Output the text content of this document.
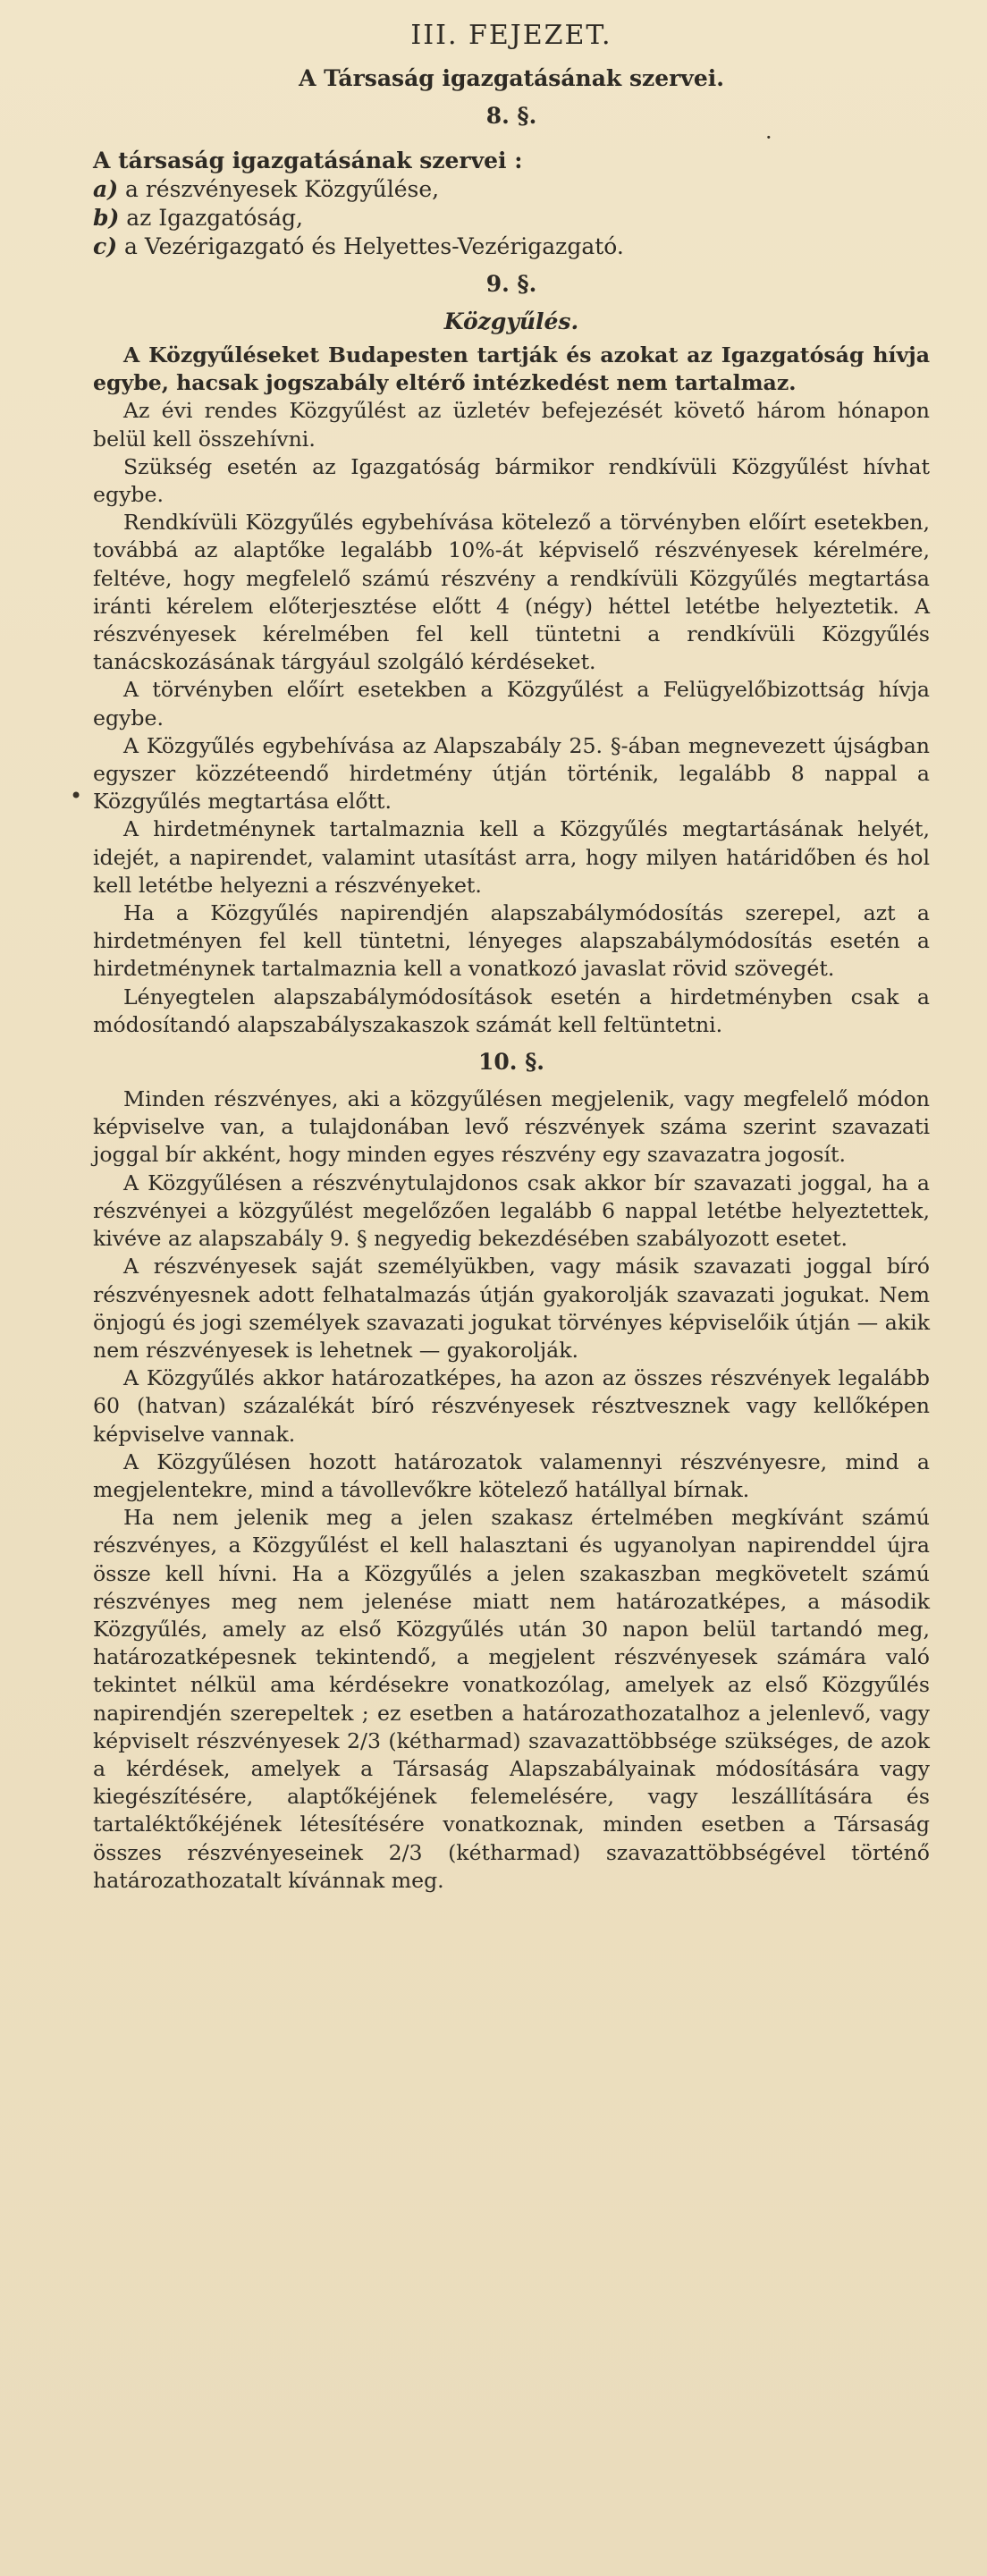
III. FEJEZET.
A Társaság igazgatásának szervei.
8. §.
A társaság igazgatásának szervei :
a) a részvényesek Közgyűlése,
b) az Igazgatóság,
c) a Vezérigazgató és Helyettes-Vezérigazgató.
9. §.
Közgyűlés.

A Közgyűléseket Budapesten tartják és azokat az Igazgatóság hívja egybe, hacsak jogszabály eltérő intézkedést nem tartalmaz.

Az évi rendes Közgyűlést az üzletév befejezését követő három hónapon belül kell összehívni.

Szükség esetén az Igazgatóság bármikor rendkívüli Közgyűlést hívhat egybe.

Rendkívüli Közgyűlés egybehívása kötelező a törvényben előírt esetekben, továbbá az alaptőke legalább 10%-át képviselő részvényesek kérelmére, feltéve, hogy megfelelő számú részvény a rendkívüli Közgyűlés megtartása iránti kérelem előterjesztése előtt 4 (négy) héttel letétbe helyeztetik. A részvényesek kérelmében fel kell tüntetni a rendkívüli Közgyűlés tanácskozásának tárgyául szolgáló kérdéseket.

A törvényben előírt esetekben a Közgyűlést a Felügyelőbizottság hívja egybe.

A Közgyűlés egybehívása az Alapszabály 25. §-ában megnevezett újságban egyszer közzéteendő hirdetmény útján történik, legalább 8 nappal a Közgyűlés megtartása előtt.

A hirdetménynek tartalmaznia kell a Közgyűlés megtartásának helyét, idejét, a napirendet, valamint utasítást arra, hogy milyen határidőben és hol kell letétbe helyezni a részvényeket.

Ha a Közgyűlés napirendjén alapszabálymódosítás szerepel, azt a hirdetményen fel kell tüntetni, lényeges alapszabálymódosítás esetén a hirdetménynek tartalmaznia kell a vonatkozó javaslat rövid szövegét.

Lényegtelen alapszabálymódosítások esetén a hirdetményben csak a módosítandó alapszabályszakaszok számát kell feltüntetni.

10. §.

Minden részvényes, aki a közgyűlésen megjelenik, vagy megfelelő módon képviselve van, a tulajdonában levő részvények száma szerint szavazati joggal bír akként, hogy minden egyes részvény egy szavazatra jogosít.

A Közgyűlésen a részvénytulajdonos csak akkor bír szavazati joggal, ha a részvényei a közgyűlést megelőzően legalább 6 nappal letétbe helyeztettek, kivéve az alapszabály 9. § negyedig bekezdésében szabályozott esetet.

A részvényesek saját személyükben, vagy másik szavazati joggal bíró részvényesnek adott felhatalmazás útján gyakorolják szavazati jogukat. Nem önjogú és jogi személyek szavazati jogukat törvényes képviselőik útján — akik nem részvényesek is lehetnek — gyakorolják.

A Közgyűlés akkor határozatképes, ha azon az összes részvények legalább 60 (hatvan) százalékát bíró részvényesek résztvesznek vagy kellőképen képviselve vannak.

A Közgyűlésen hozott határozatok valamennyi részvényesre, mind a megjelentekre, mind a távollevőkre kötelező hatállyal bírnak.

Ha nem jelenik meg a jelen szakasz értelmében megkívánt számú részvényes, a Közgyűlést el kell halasztani és ugyanolyan napirenddel újra össze kell hívni. Ha a Közgyűlés a jelen szakaszban megkövetelt számú részvényes meg nem jelenése miatt nem határozatképes, a második Közgyűlés, amely az első Közgyűlés után 30 napon belül tartandó meg, határozatképesnek tekintendő, a megjelent részvényesek számára való tekintet nélkül ama kérdésekre vonatkozólag, amelyek az első Közgyűlés napirendjén szerepeltek ; ez esetben a határozathozatalhoz a jelenlevő, vagy képviselt részvényesek 2/3 (kétharmad) szavazattöbbsége szükséges, de azok a kérdések, amelyek a Társaság Alapszabályainak módosítására vagy kiegészítésére, alaptőkéjének felemelésére, vagy leszállítására és tartaléktőkéjének létesítésére vonatkoznak, minden esetben a Társaság összes részvényeseinek 2/3 (kétharmad) szavazattöbbségével történő határozathozatalt kívánnak meg.

·
•
